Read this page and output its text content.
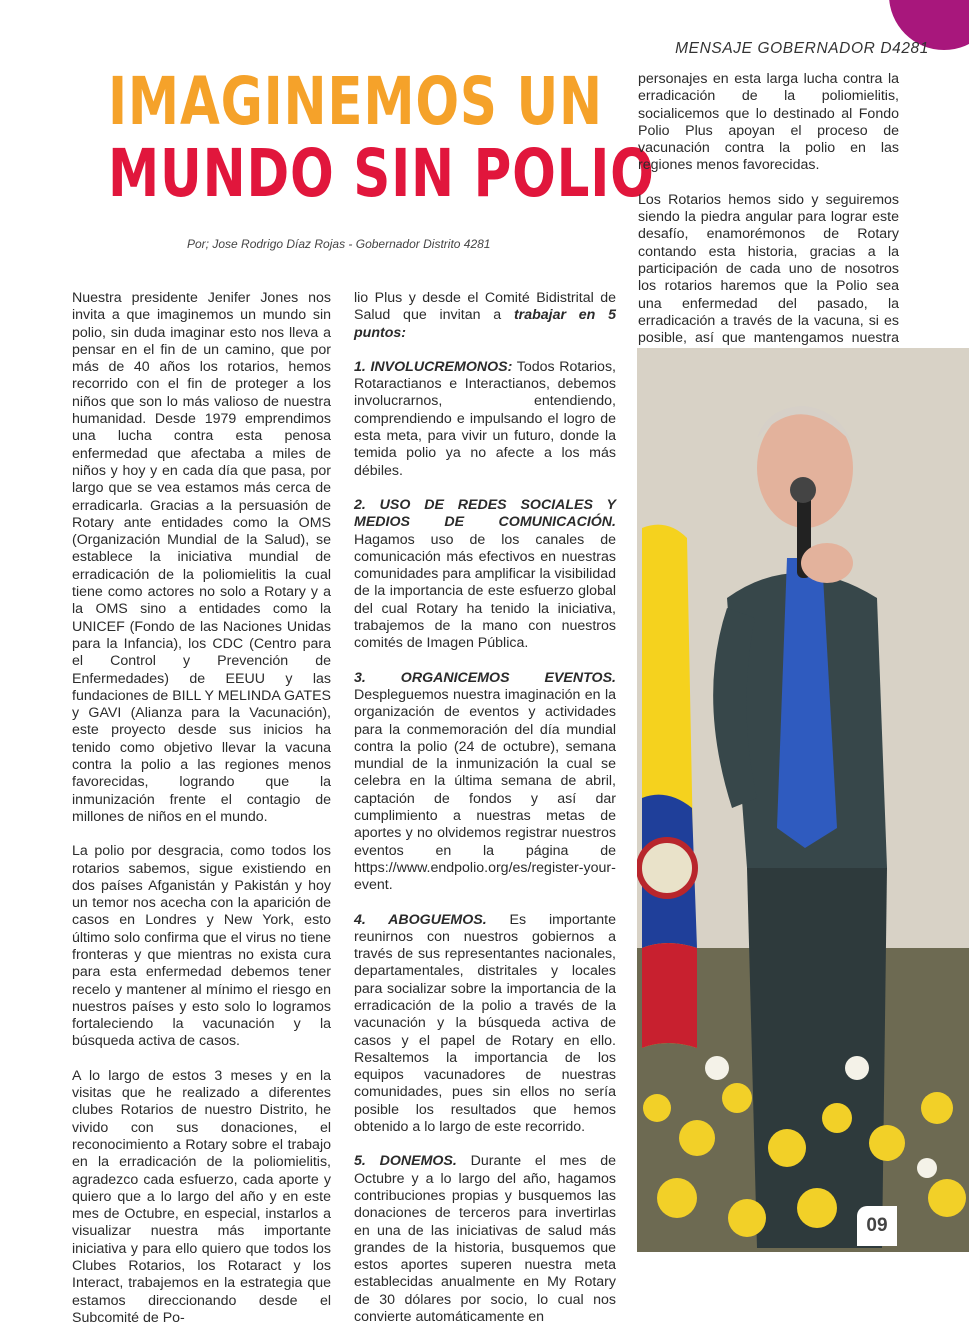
MENSAJE GOBERNADOR D4281
IMAGINEMOS UN
MUNDO SIN POLIO
Por; Jose Rodrigo Díaz Rojas - Gobernador Distrito 4281

Nuestra presidente Jenifer Jones nos invita a que imaginemos un mundo sin polio, sin duda imaginar esto nos lleva a pensar en el fin de un camino, que por más de 40 años los rotarios, hemos recorrido con el fin de proteger a los niños que son lo más valioso de nuestra humanidad. Desde 1979 emprendimos una lucha contra esta penosa enfermedad que afectaba a miles de niños y hoy y en cada día que pasa, por largo que se vea estamos más cerca de erradicarla. Gracias a la persuasión de Rotary ante entidades como la OMS (Organización Mundial de la Salud), se establece la iniciativa mundial de erradicación de la poliomielitis la cual tiene como actores no solo a Rotary y a la OMS sino a entidades como la UNICEF (Fondo de las Naciones Unidas para la Infancia), los CDC (Centro para el Control y Prevención de Enfermedades) de EEUU y las fundaciones de BILL Y MELINDA GATES y GAVI (Alianza para la Vacunación), este proyecto desde sus inicios ha tenido como objetivo llevar la vacuna contra la polio a las regiones menos favorecidas, logrando que la inmunización frente el contagio de millones de niños en el mundo.

La polio por desgracia, como todos los rotarios sabemos, sigue existiendo en dos países Afganistán y Pakistán y hoy un temor nos acecha con la aparición de casos en Londres y New York, esto último solo confirma que el virus no tiene fronteras y que mientras no exista cura para esta enfermedad debemos tener recelo y mantener al mínimo el riesgo en nuestros países y esto solo lo logramos fortaleciendo la vacunación y la búsqueda activa de casos.

A lo largo de estos 3 meses y en la visitas que he realizado a diferentes clubes Rotarios de nuestro Distrito, he vivido con sus donaciones, el reconocimiento a Rotary sobre el trabajo en la erradicación de la poliomielitis, agradezco cada esfuerzo, cada aporte y quiero que a lo largo del año y en este mes de Octubre, en especial, instarlos a visualizar nuestra más importante iniciativa y para ello quiero que todos los Clubes Rotarios, los Rotaract y los Interact, trabajemos en la estrategia que estamos direccionando desde el Subcomité de Po-

lio Plus y desde el Comité Bidistrital de Salud que invitan a trabajar en 5 puntos:

1. INVOLUCREMONOS: Todos Rotarios, Rotaractianos e Interactianos, debemos involucrarnos, entendiendo, comprendiendo e impulsando el logro de esta meta, para vivir un futuro, donde la temida polio ya no afecte a los más débiles.

2. USO DE REDES SOCIALES Y MEDIOS DE COMUNICACIÓN. Hagamos uso de los canales de comunicación más efectivos en nuestras comunidades para amplificar la visibilidad de la importancia de este esfuerzo global del cual Rotary ha tenido la iniciativa, trabajemos de la mano con nuestros comités de Imagen Pública.

3. ORGANICEMOS EVENTOS. Despleguemos nuestra imaginación en la organización de eventos y actividades para la conmemoración del día mundial contra la polio (24 de octubre), semana mundial de la inmunización la cual se celebra en la última semana de abril, captación de fondos y así dar cumplimiento a nuestras metas de aportes y no olvidemos registrar nuestros eventos en la página de https://www.endpolio.org/es/register-your-event.

4. ABOGUEMOS. Es importante reunirnos con nuestros gobiernos a través de sus representantes nacionales, departamentales, distritales y locales para socializar sobre la importancia de la erradicación de la polio a través de la vacunación y la búsqueda activa de casos y el papel de Rotary en ello. Resaltemos la importancia de los equipos vacunadores de nuestras comunidades, pues sin ellos no sería posible los resultados que hemos obtenido a lo largo de este recorrido.

5. DONEMOS. Durante el mes de Octubre y a lo largo del año, hagamos contribuciones propias y busquemos las donaciones de terceros para invertirlas en una de las iniciativas de salud más grandes de la historia, busquemos que estos aportes superen nuestra meta establecidas anualmente en My Rotary de 30 dólares por socio, lo cual nos convierte automáticamente en

personajes en esta larga lucha contra la erradicación de la poliomielitis, socialicemos que lo destinado al Fondo Polio Plus apoyan el proceso de vacunación contra la polio en las regiones menos favorecidas.

Los Rotarios hemos sido y seguiremos siendo la piedra angular para lograr este desafío, enamorémonos de Rotary contando esta historia, gracias a la participación de cada uno de nosotros los rotarios haremos que la Polio sea una enfermedad del pasado, la erradicación a través de la vacuna, si es posible, así que mantengamos nuestra

09
